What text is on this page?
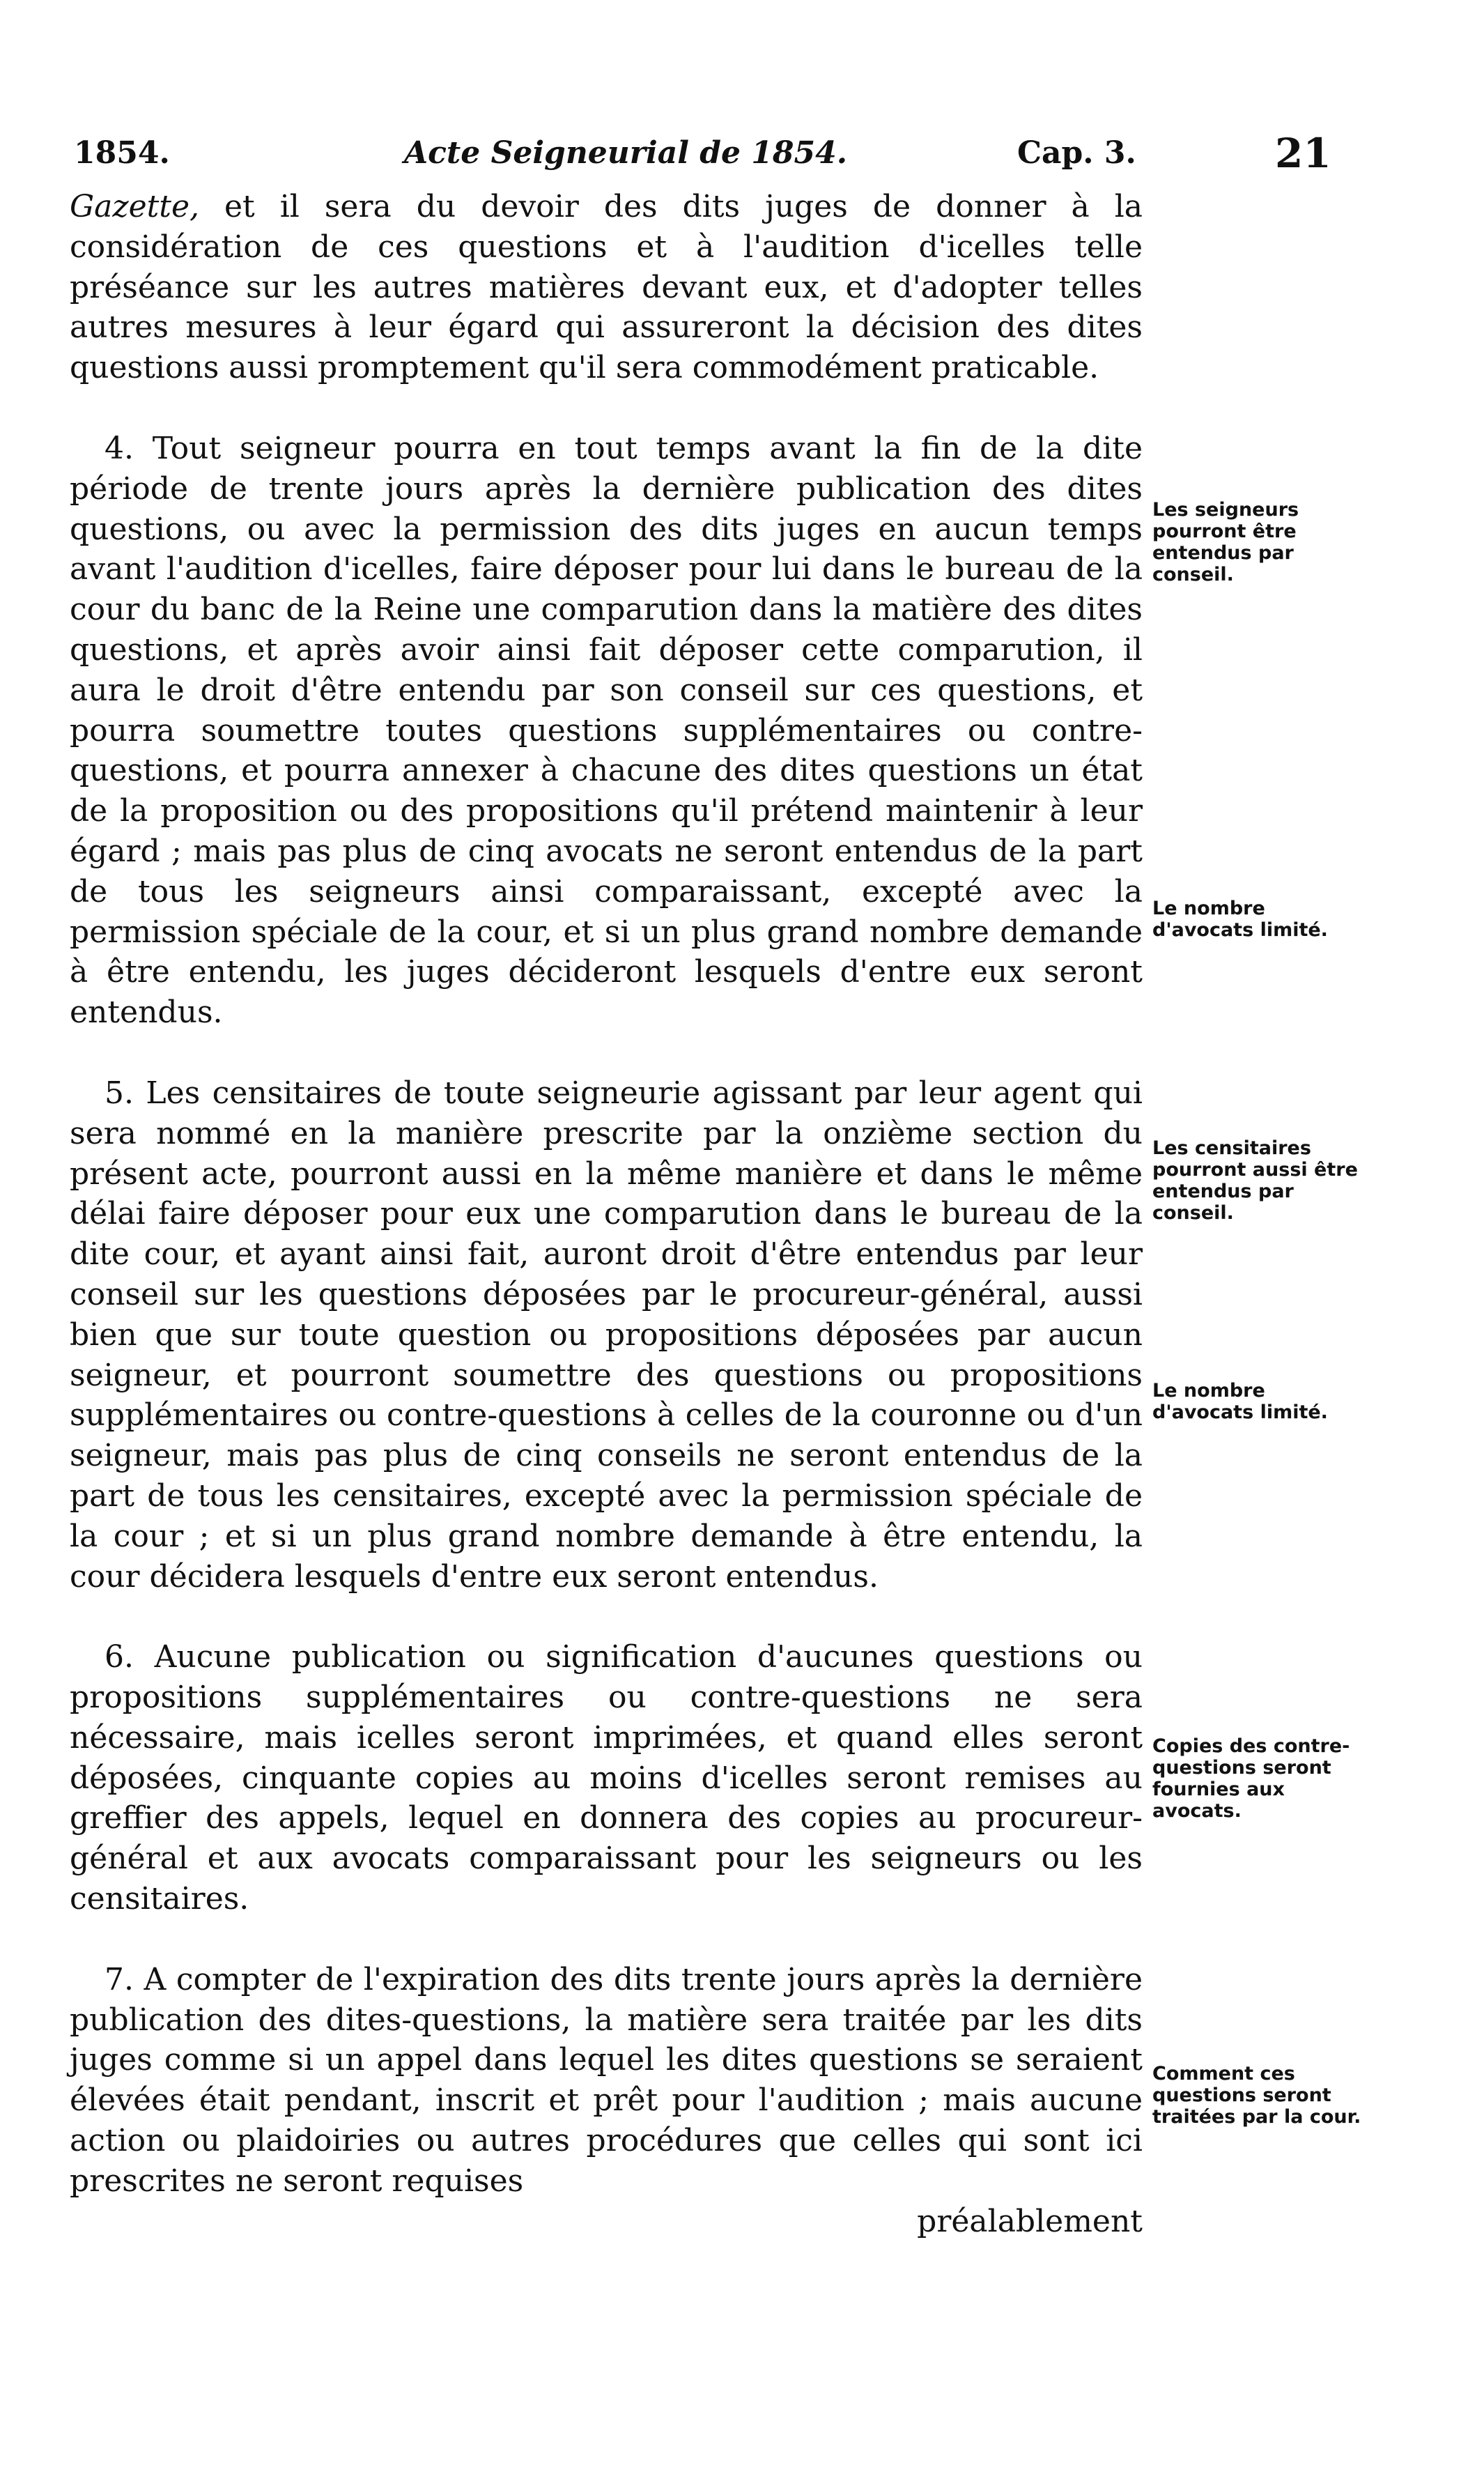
1854.	Acte Seigneurial de 1854.	Cap. 3.	21

Gazette, et il sera du devoir des dits juges de donner à la considération de ces questions et à l'audition d'icelles telle préséance sur les autres matières devant eux, et d'adopter telles autres mesures à leur égard qui assureront la décision des dites questions aussi promptement qu'il sera commodément praticable.

4. Tout seigneur pourra en tout temps avant la fin de la dite période de trente jours après la dernière publication des dites questions, ou avec la permission des dits juges en aucun temps avant l'audition d'icelles, faire déposer pour lui dans le bureau de la cour du banc de la Reine une comparution dans la matière des dites questions, et après avoir ainsi fait déposer cette comparution, il aura le droit d'être entendu par son conseil sur ces questions, et pourra soumettre toutes questions supplémentaires ou contre-questions, et pourra annexer à chacune des dites questions un état de la proposition ou des propositions qu'il prétend maintenir à leur égard ; mais pas plus de cinq avocats ne seront entendus de la part de tous les seigneurs ainsi comparaissant, excepté avec la permission spéciale de la cour, et si un plus grand nombre demande à être entendu, les juges décideront lesquels d'entre eux seront entendus.

5. Les censitaires de toute seigneurie agissant par leur agent qui sera nommé en la manière prescrite par la onzième section du présent acte, pourront aussi en la même manière et dans le même délai faire déposer pour eux une comparution dans le bureau de la dite cour, et ayant ainsi fait, auront droit d'être entendus par leur conseil sur les questions déposées par le procureur-général, aussi bien que sur toute question ou propositions déposées par aucun seigneur, et pourront soumettre des questions ou propositions supplémentaires ou contre-questions à celles de la couronne ou d'un seigneur, mais pas plus de cinq conseils ne seront entendus de la part de tous les censitaires, excepté avec la permission spéciale de la cour ; et si un plus grand nombre demande à être entendu, la cour décidera lesquels d'entre eux seront entendus.

6. Aucune publication ou signification d'aucunes questions ou propositions supplémentaires ou contre-questions ne sera nécessaire, mais icelles seront imprimées, et quand elles seront déposées, cinquante copies au moins d'icelles seront remises au greffier des appels, lequel en donnera des copies au procureur-général et aux avocats comparaissant pour les seigneurs ou les censitaires.

7. A compter de l'expiration des dits trente jours après la dernière publication des dites-questions, la matière sera traitée par les dits juges comme si un appel dans lequel les dites questions se seraient élevées était pendant, inscrit et prêt pour l'audition ; mais aucune action ou plaidoiries ou autres procédures que celles qui sont ici prescrites ne seront requises

préalablement

Les seigneurs pourront être entendus par conseil.
Le nombre d'avocats limité.
Les censitaires pourront aussi être entendus par conseil.
Le nombre d'avocats limité.
Copies des contre-questions seront fournies aux avocats.
Comment ces questions seront traitées par la cour.
